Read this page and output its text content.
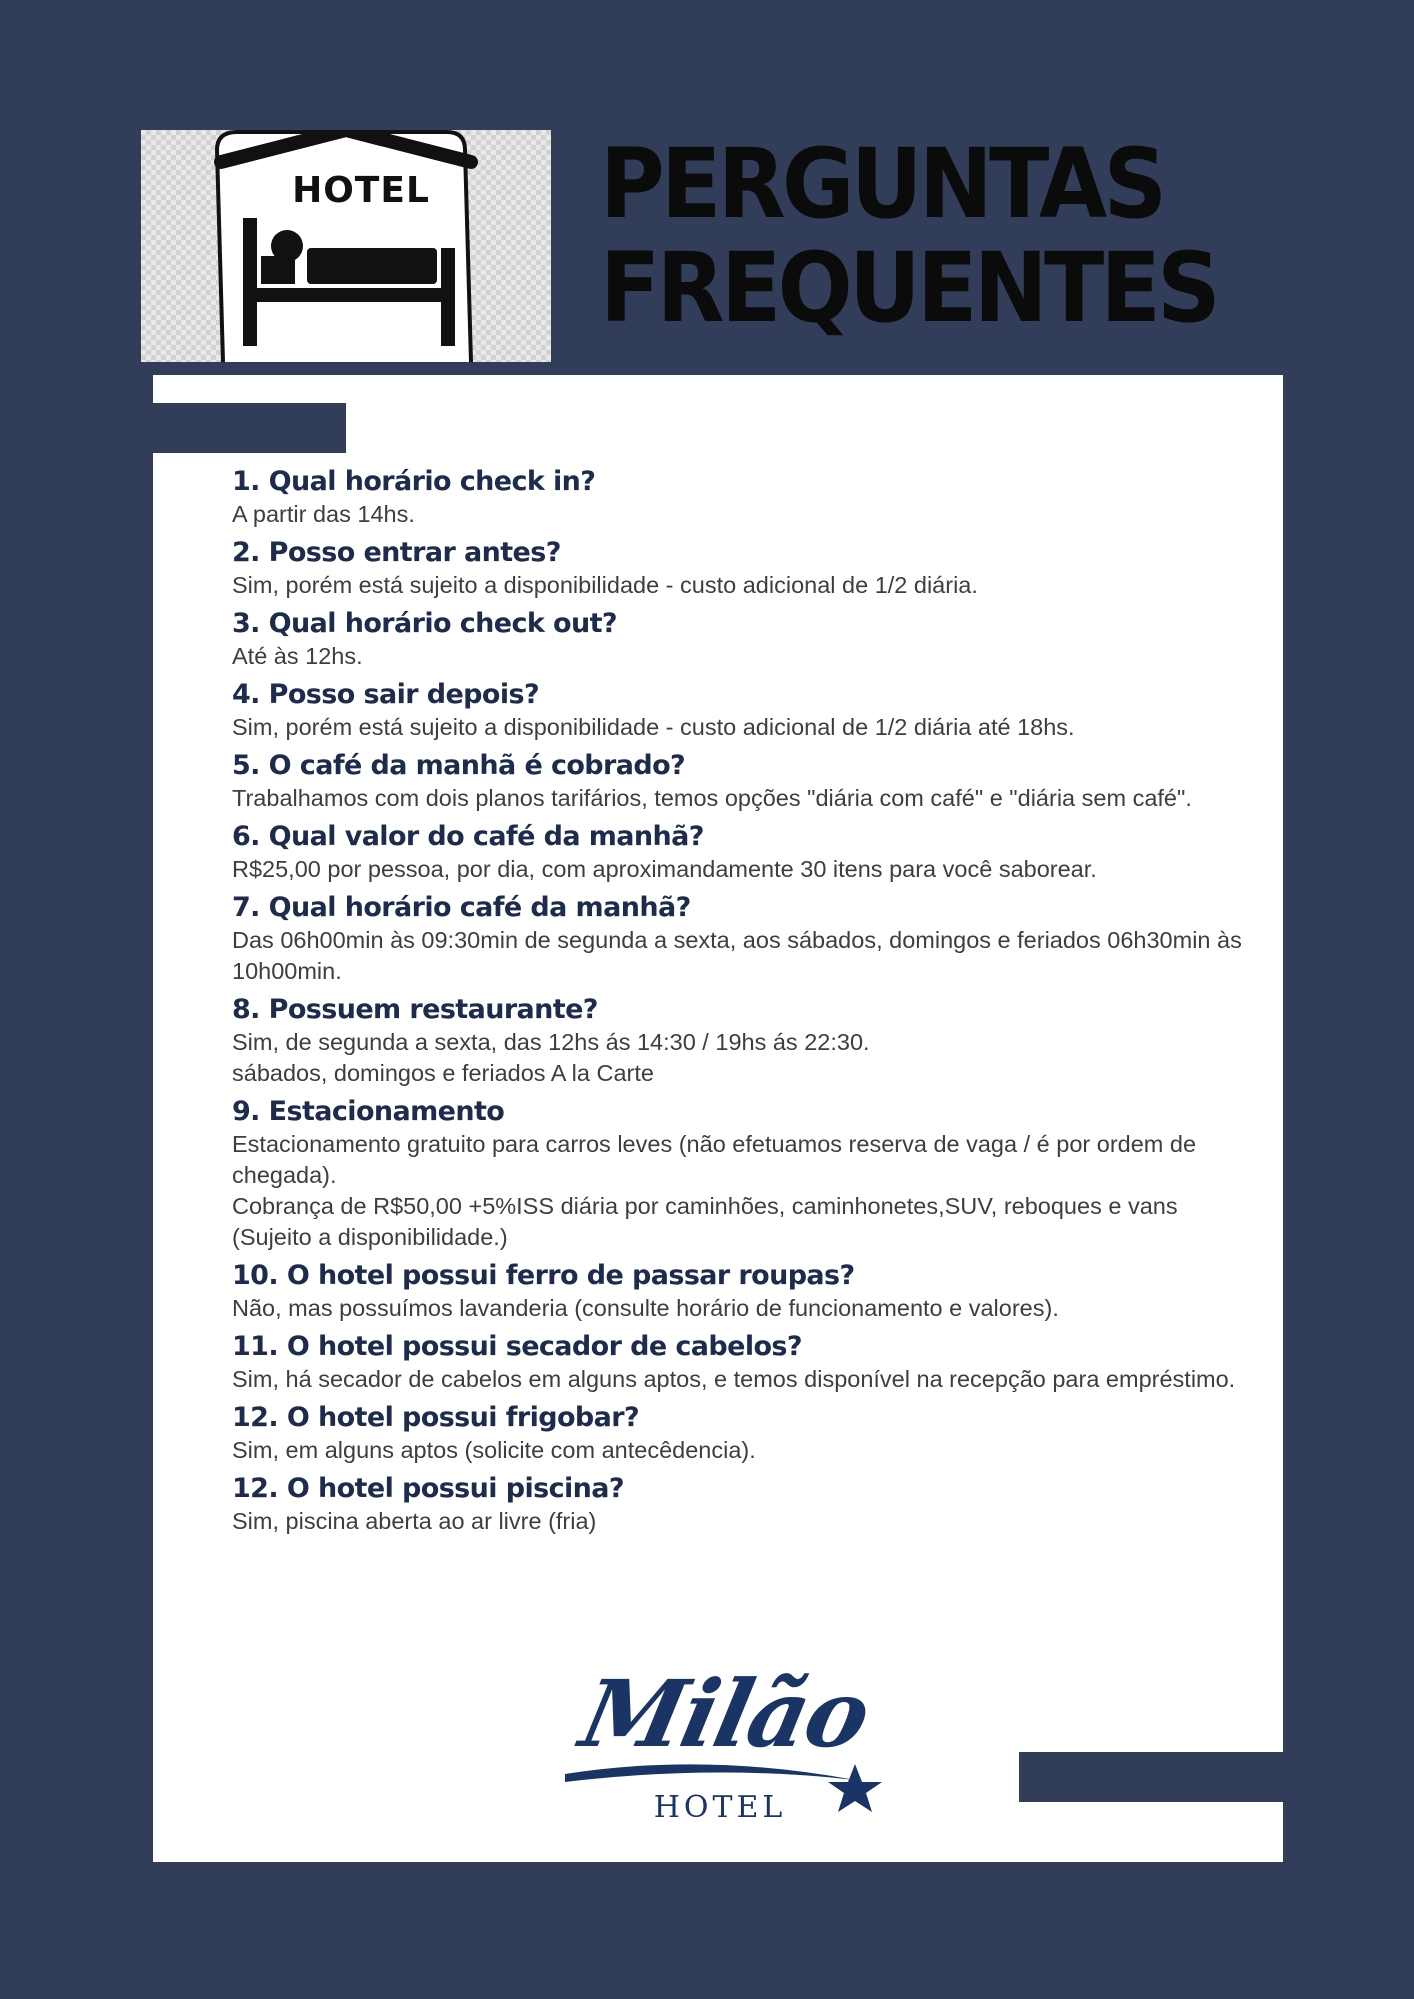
HOTEL	PERGUNTAS
FREQUENTES
1. Qual horário check in?
A partir das 14hs.
2. Posso entrar antes?
Sim, porém está sujeito a disponibilidade - custo adicional de 1/2 diária.
3. Qual horário check out?
Até às 12hs.
4. Posso sair depois?
Sim, porém está sujeito a disponibilidade - custo adicional de 1/2 diária até 18hs.
5. O café da manhã é cobrado?
Trabalhamos com dois planos tarifários, temos opções "diária com café" e "diária sem café".
6. Qual valor do café da manhã?
R$25,00 por pessoa, por dia, com aproximandamente 30 itens para você saborear.
7. Qual horário café da manhã?
Das 06h00min às 09:30min de segunda a sexta, aos sábados, domingos e feriados 06h30min às 10h00min.
8. Possuem restaurante?
Sim, de segunda a sexta, das 12hs ás 14:30 / 19hs ás 22:30.
sábados, domingos e feriados A la Carte
9. Estacionamento
Estacionamento gratuito para carros leves (não efetuamos reserva de vaga / é por ordem de chegada).
Cobrança de R$50,00 +5%ISS diária por caminhões, caminhonetes,SUV, reboques e vans (Sujeito a disponibilidade.)
10. O hotel possui ferro de passar roupas?
Não, mas possuímos lavanderia (consulte horário de funcionamento e valores).
11. O hotel possui secador de cabelos?
Sim, há secador de cabelos em alguns aptos, e temos disponível na recepção para empréstimo.
12. O hotel possui frigobar?
Sim, em alguns aptos (solicite com antecêdencia).
12. O hotel possui piscina?
Sim, piscina aberta ao ar livre (fria)
Milão
HOTEL
